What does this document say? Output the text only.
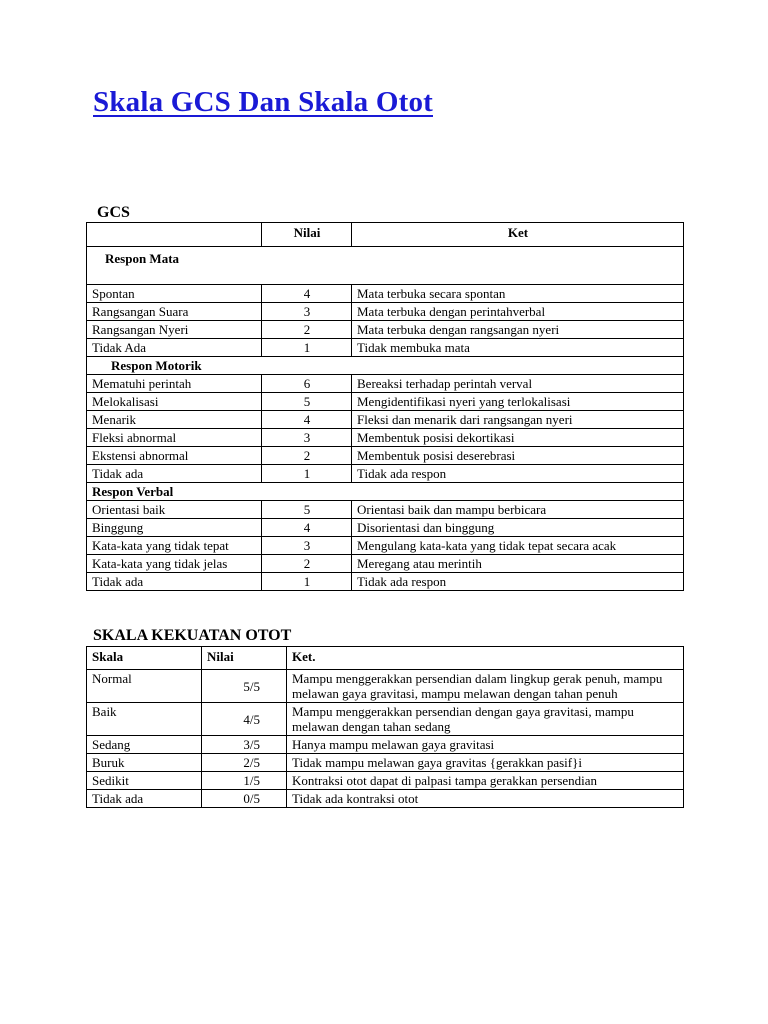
Skala GCS Dan Skala Otot
GCS
	Nilai	Ket
Respon Mata		
Spontan	4	Mata terbuka secara spontan
Rangsangan Suara	3	Mata terbuka dengan perintahverbal
Rangsangan Nyeri	2	Mata terbuka dengan rangsangan nyeri
Tidak Ada	1	Tidak membuka mata
Respon Motorik		
Mematuhi perintah	6	Bereaksi terhadap perintah verval
Melokalisasi	5	Mengidentifikasi nyeri yang terlokalisasi
Menarik	4	Fleksi dan menarik dari rangsangan nyeri
Fleksi abnormal	3	Membentuk posisi dekortikasi
Ekstensi abnormal	2	Membentuk posisi deserebrasi
Tidak ada	1	Tidak ada respon
Respon Verbal		
Orientasi baik	5	Orientasi baik dan mampu berbicara
Binggung	4	Disorientasi dan binggung
Kata-kata yang tidak tepat	3	Mengulang kata-kata yang tidak tepat secara acak
Kata-kata yang tidak jelas	2	Meregang atau merintih
Tidak ada	1	Tidak ada respon
SKALA KEKUATAN OTOT
Skala	Nilai	Ket.
Normal	5/5	Mampu menggerakkan persendian dalam lingkup gerak penuh, mampu melawan gaya gravitasi, mampu melawan dengan tahan penuh
Baik	4/5	Mampu menggerakkan persendian dengan gaya gravitasi, mampu melawan dengan tahan sedang
Sedang	3/5	Hanya mampu melawan gaya gravitasi
Buruk	2/5	Tidak mampu melawan gaya gravitas {gerakkan pasif}i
Sedikit	1/5	Kontraksi otot dapat di palpasi tampa gerakkan persendian
Tidak ada	0/5	Tidak ada kontraksi otot
